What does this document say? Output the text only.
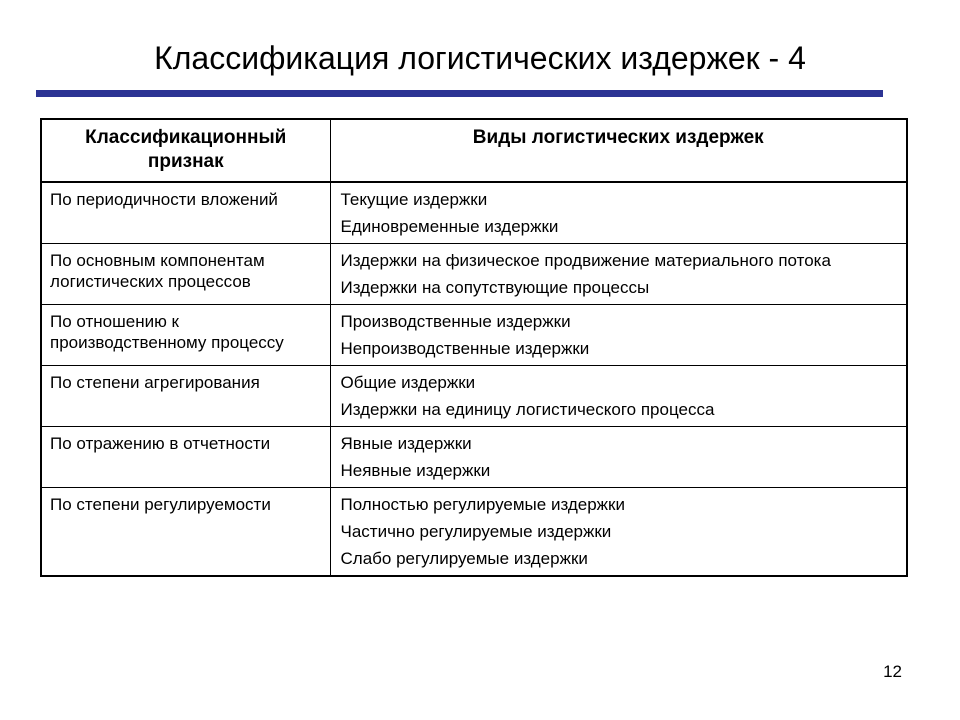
Классификация логистических издержек - 4
Классификационный признак	Виды логистических издержек
По периодичности вложений	Текущие издержки
Единовременные издержки

По основным компонентам логистических процессов	Издержки на физическое продвижение материального потока
Издержки на сопутствующие процессы

По отношению к производственному процессу	Производственные издержки
Непроизводственные издержки

По степени агрегирования	Общие издержки
Издержки на единицу логистического процесса

По отражению в отчетности	Явные издержки
Неявные издержки

По степени регулируемости	Полностью регулируемые издержки
Частично регулируемые издержки
Слабо регулируемые издержки
12
